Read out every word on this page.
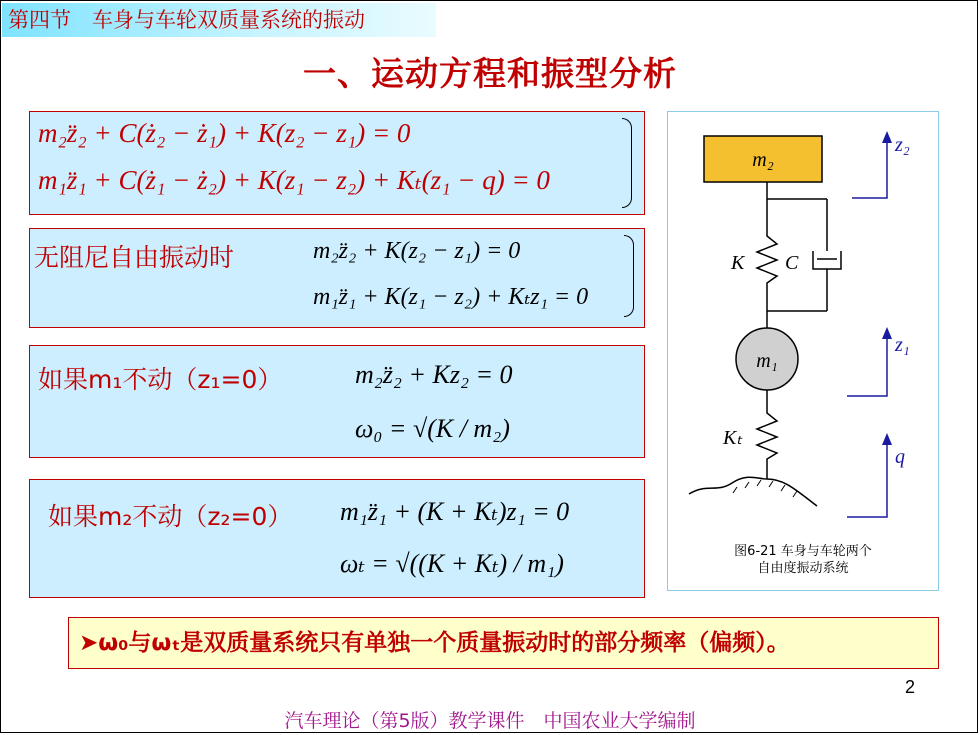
第四节　车身与车轮双质量系统的振动
一、运动方程和振型分析
m₂z̈₂ + C(ż₂ − ż₁) + K(z₂ − z₁) = 0
m₁z̈₁ + C(ż₁ − ż₂) + K(z₁ − z₂) + Kₜ(z₁ − q) = 0
无阻尼自由振动时	m₂z̈₂ + K(z₂ − z₁) = 0
m₁z̈₁ + K(z₁ − z₂) + Kₜz₁ = 0
如果m₁不动（z₁=0）	m₂z̈₂ + Kz₂ = 0
ω₀ = √(K / m₂)
如果m₂不动（z₂=0） m₁z̈₁ + (K + Kₜ)z₁ = 0
ωₜ = √((K + Kₜ) / m₁)
m₂
K C
m₁
Kₜ
z₂
z₁
q
图6-21 车身与车轮两个
自由度振动系统
➤ω₀与ωₜ是双质量系统只有单独一个质量振动时的部分频率（偏频）。
2
汽车理论（第5版）教学课件　中国农业大学编制
